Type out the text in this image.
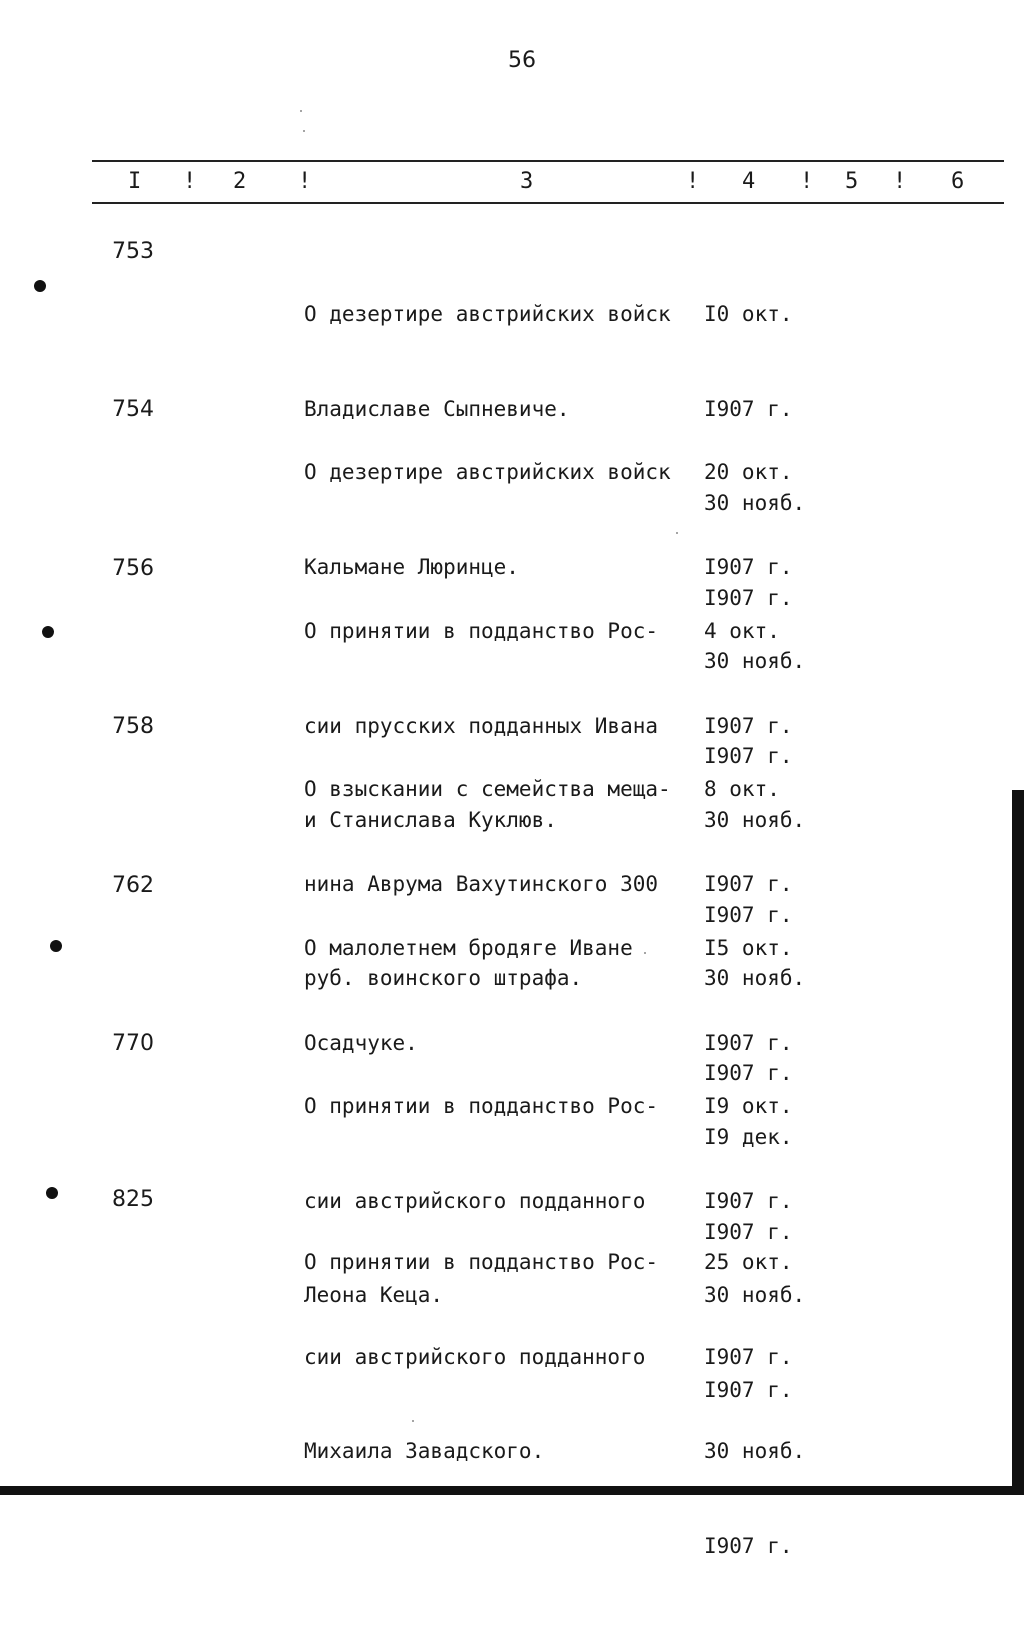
56
I ! 2 !	3	! 4 ! 5 ! 6
753

О дезертире австрийских войск

Владиславе Сыпневиче.

I0 окт.

I907 г.

30 нояб.

I907 г.

754

О дезертире австрийских войск

Кальмане Люринце.

20 окт.

I907 г.

30 нояб.

I907 г.

756

О принятии в подданство Рос-

сии прусских подданных Ивана

и Станислава Куклюв.

4 окт.

I907 г.

30 нояб.

I907 г.

758

О взыскании с семейства меща-

нина Аврума Вахутинского 300

руб. воинского штрафа.

8 окт.

I907 г.

30 нояб.

I907 г.

762

О малолетнем бродяге Иване

Осадчуке.

I5 окт.

I907 г.

I9 дек.

I907 г.

770

О принятии в подданство Рос-

сии австрийского подданного

Леона Кеца.

I9 окт.

I907 г.

30 нояб.

I907 г.

825

О принятии в подданство Рос-

сии австрийского подданного

Михаила Завадского.

25 окт.

I907 г.

30 нояб.

I907 г.
